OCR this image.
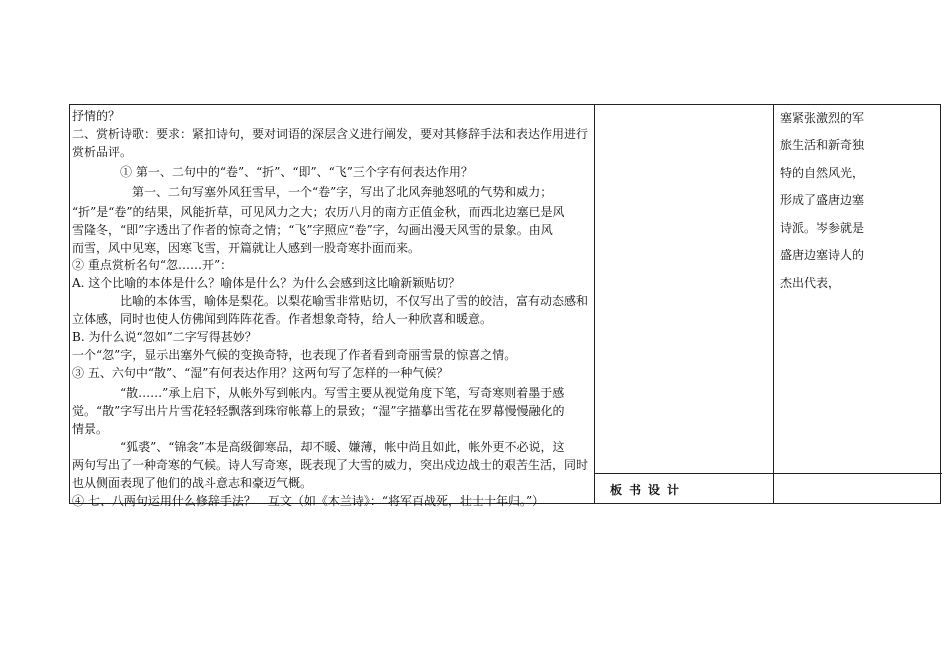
抒情的？
二、赏析诗歌：要求：紧扣诗句，要对词语的深层含义进行阐发，要对其修辞手法和表达作用进行
赏析品评。
① 第一、二句中的“卷”、“折”、“即”、“飞”三个字有何表达作用？
第一、二句写塞外风狂雪早，一个“卷”字，写出了北风奔驰怒吼的气势和威力；
“折”是“卷”的结果，风能折草，可见风力之大；农历八月的南方正值金秋，而西北边塞已是风
雪隆冬，“即”字透出了作者的惊奇之情；“飞”字照应“卷”字，勾画出漫天风雪的景象。由风
而雪，风中见寒，因寒飞雪，开篇就让人感到一股奇寒扑面而来。
② 重点赏析名句“忽……开”：
A. 这个比喻的本体是什么？喻体是什么？为什么会感到这比喻新颖贴切？
比喻的本体雪，喻体是梨花。以梨花喻雪非常贴切，不仅写出了雪的皎洁，富有动态感和
立体感，同时也使人仿佛闻到阵阵花香。作者想象奇特，给人一种欣喜和暖意。
B. 为什么说“忽如”二字写得甚妙？
一个“忽”字，显示出塞外气候的变换奇特，也表现了作者看到奇丽雪景的惊喜之情。
③ 五、六句中“散”、“湿”有何表达作用？这两句写了怎样的一种气候？
“散……”承上启下，从帐外写到帐内。写雪主要从视觉角度下笔，写奇寒则着墨于感
觉。“散”字写出片片雪花轻轻飘落到珠帘帐幕上的景致；“湿”字描摹出雪花在罗幕慢慢融化的
情景。
“狐裘”、“锦衾”本是高级御寒品，却不暖、嫌薄，帐中尚且如此，帐外更不必说，这
两句写出了一种奇寒的气候。诗人写奇寒，既表现了大雪的威力，突出戍边战士的艰苦生活，同时
也从侧面表现了他们的战斗意志和豪迈气概。
④ 七、八两句运用什么修辞手法？　互文（如《木兰诗》：“将军百战死，壮士十年归。”）
塞紧张激烈的军
旅生活和新奇独
特的自然风光，
形成了盛唐边塞
诗派。岑参就是
盛唐边塞诗人的
杰出代表，
板书设计
